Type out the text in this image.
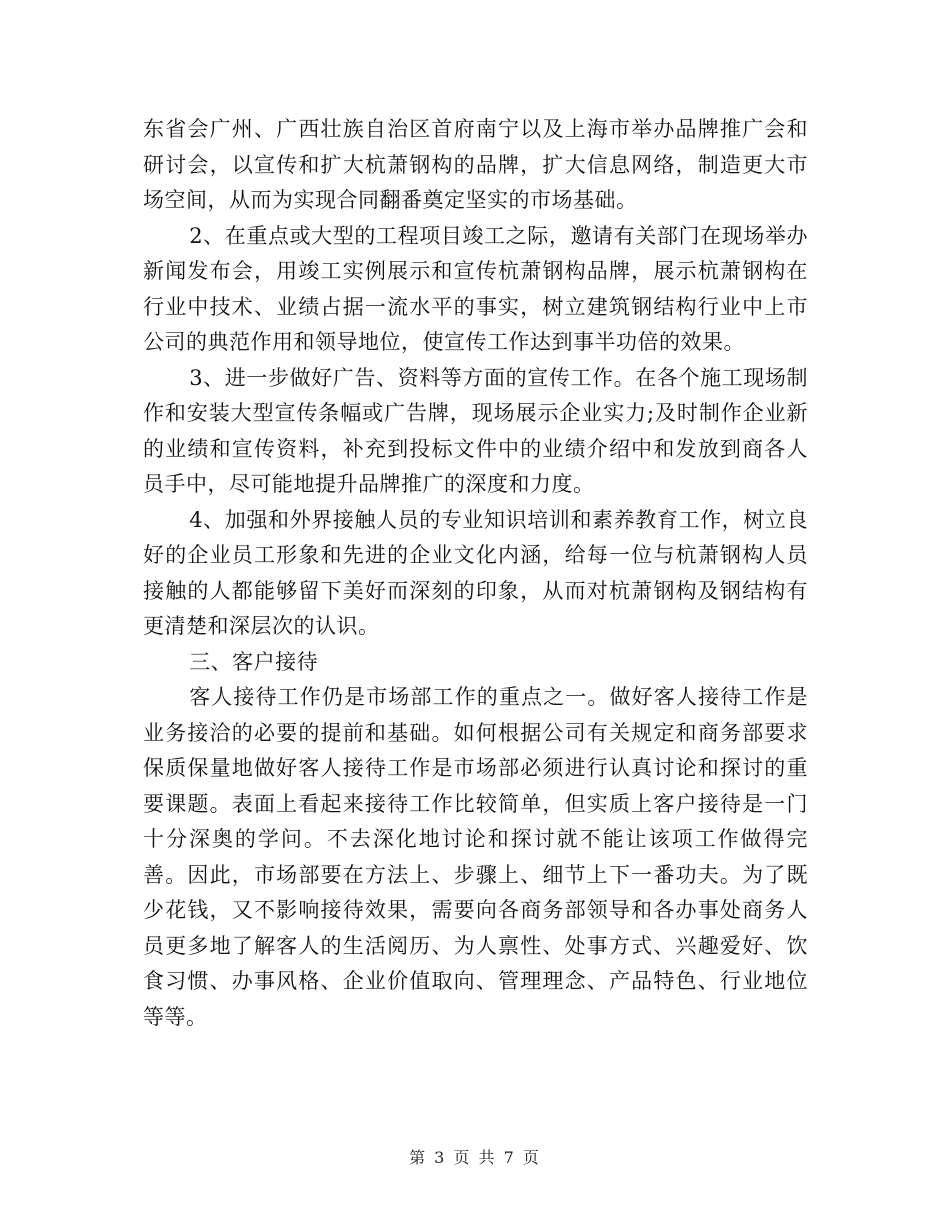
东省会广州、广西壮族自治区首府南宁以及上海市举办品牌推广会和研讨会，以宣传和扩大杭萧钢构的品牌，扩大信息网络，制造更大市场空间，从而为实现合同翻番奠定坚实的市场基础。

2、在重点或大型的工程项目竣工之际，邀请有关部门在现场举办新闻发布会，用竣工实例展示和宣传杭萧钢构品牌，展示杭萧钢构在行业中技术、业绩占据一流水平的事实，树立建筑钢结构行业中上市公司的典范作用和领导地位，使宣传工作达到事半功倍的效果。

3、进一步做好广告、资料等方面的宣传工作。在各个施工现场制作和安装大型宣传条幅或广告牌，现场展示企业实力;及时制作企业新的业绩和宣传资料，补充到投标文件中的业绩介绍中和发放到商各人员手中，尽可能地提升品牌推广的深度和力度。

4、加强和外界接触人员的专业知识培训和素养教育工作，树立良好的企业员工形象和先进的企业文化内涵，给每一位与杭萧钢构人员接触的人都能够留下美好而深刻的印象，从而对杭萧钢构及钢结构有更清楚和深层次的认识。

三、客户接待

客人接待工作仍是市场部工作的重点之一。做好客人接待工作是业务接洽的必要的提前和基础。如何根据公司有关规定和商务部要求保质保量地做好客人接待工作是市场部必须进行认真讨论和探讨的重要课题。表面上看起来接待工作比较简单，但实质上客户接待是一门十分深奥的学问。不去深化地讨论和探讨就不能让该项工作做得完善。因此，市场部要在方法上、步骤上、细节上下一番功夫。为了既少花钱，又不影响接待效果，需要向各商务部领导和各办事处商务人员更多地了解客人的生活阅历、为人禀性、处事方式、兴趣爱好、饮食习惯、办事风格、企业价值取向、管理理念、产品特色、行业地位等等。

第 3 页 共 7 页
